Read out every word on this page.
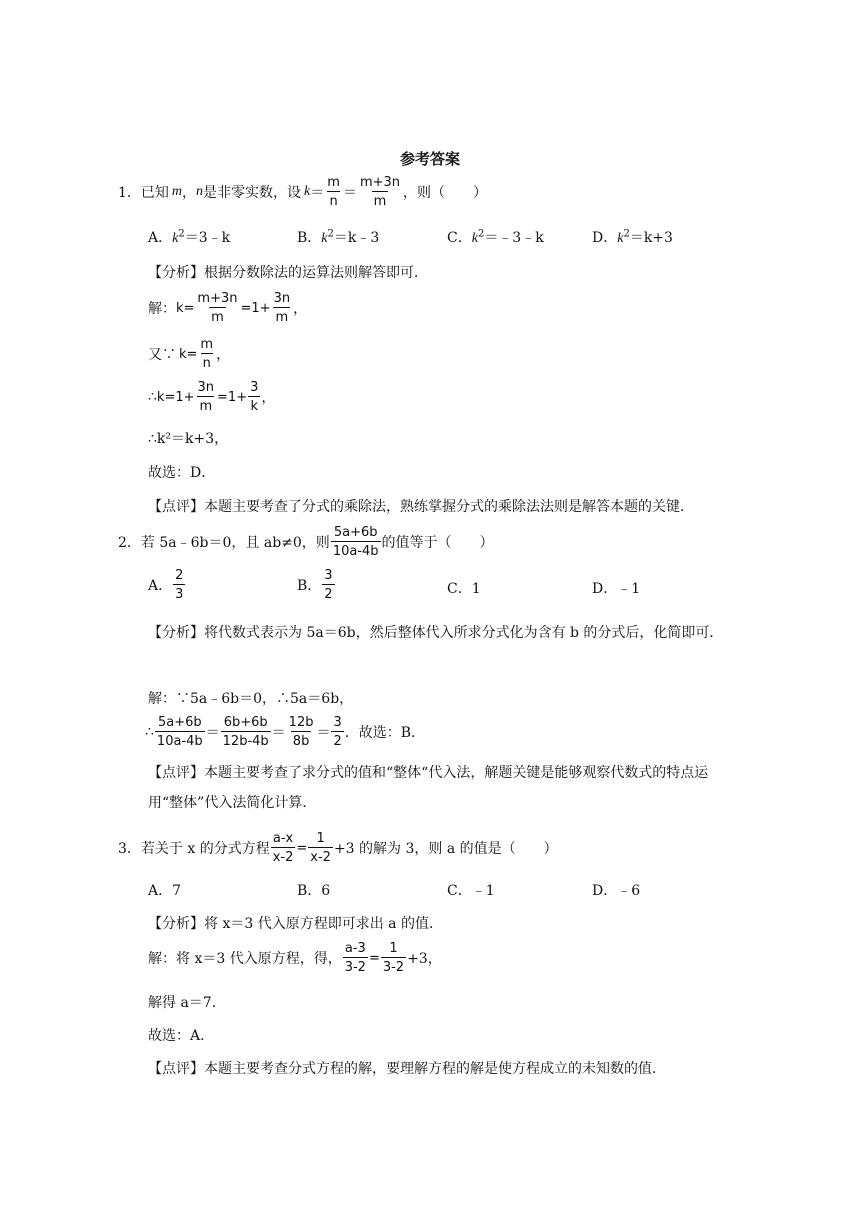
参考答案
1． 已知 m ， n 是非零实数，设 $k = \frac{m}{n} = \frac{m+3n}{m}$ ，则（　　）
A．$k^2=3﹣k$	B．$k^2=k﹣3$	C．$k^2=﹣3﹣k$	D．$k^2=k+3$
【分析】根据分数除法的运算法则解答即可．
解： $k= \frac{m+3n}{m} =1+ \frac{3n}{m}$ ，
又∵ $k= \frac{m}{n}$ ，
∴ $k=1+ \frac{3n}{m} =1+ \frac{3}{k}$ ，
∴k²＝k+3，
故选：D．
【点评】本题主要考查了分式的乘除法，熟练掌握分式的乘除法法则是解答本题的关键．
2． 若 5a﹣6b＝0，且 ab≠0，则 $\frac{5a+6b}{10a-4b}$ 的值等于（　　）
A． $\frac{2}{3}$	B． $\frac{3}{2}$	C．1	D．﹣1
【分析】将代数式表示为 5a＝6b，然后整体代入所求分式化为含有 b 的分式后，化简即可．
解：∵5a﹣6b＝0，∴5a＝6b，
∴ $\frac{5a+6b}{10a-4b} = \frac{6b+6b}{12b-4b} = \frac{12b}{8b} = \frac{3}{2}$ ．故选：B．
【点评】本题主要考查了求分式的值和“整体“代入法，解题关键是能够观察代数式的特点运用“整体”代入法简化计算．
3． 若关于 x 的分式方程 $\frac{a-x}{x-2} = \frac{1}{x-2} +3$ 的解为 3，则 a 的值是（　　）
A．7	B．6	C．﹣1	D．﹣6
【分析】将 x＝3 代入原方程即可求出 a 的值．
解：将 x＝3 代入原方程，得， $\frac{a-3}{3-2} = \frac{1}{3-2} +3$，
解得 a＝7．
故选：A．
【点评】本题主要考查分式方程的解，要理解方程的解是使方程成立的未知数的值．
